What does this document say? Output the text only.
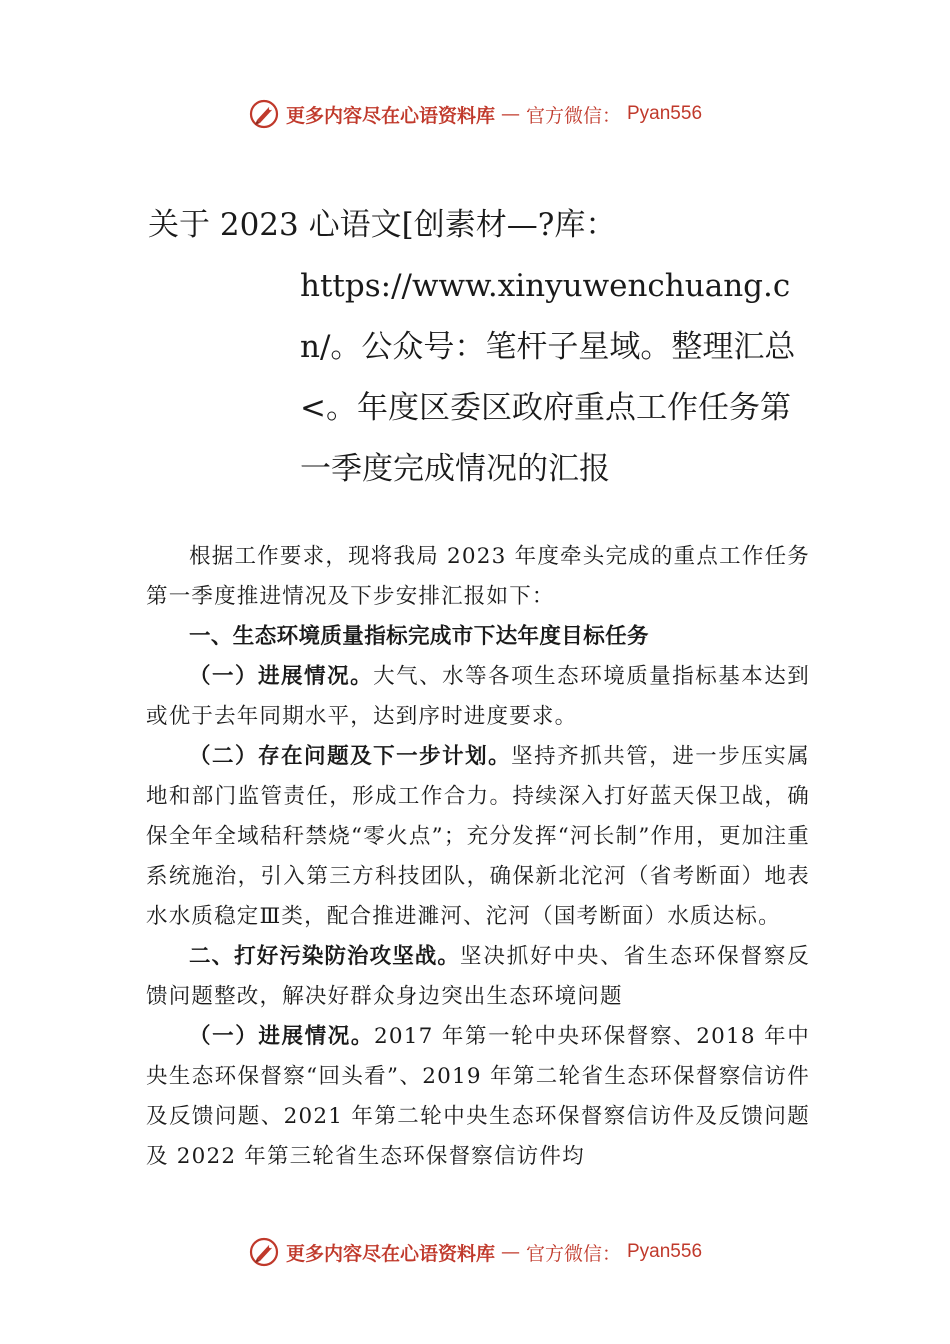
更多内容尽在心语资料库 — 官方微信： Pyan556
关于 2023 心语文[创素材—?库：
https://www.xinyuwenchuang.cn/。公众号：笔杆子星域。整理汇总<。年度区委区政府重点工作任务第一季度完成情况的汇报

根据工作要求，现将我局 2023 年度牵头完成的重点工作任务第一季度推进情况及下步安排汇报如下：

一、生态环境质量指标完成市下达年度目标任务

（一）进展情况。大气、水等各项生态环境质量指标基本达到或优于去年同期水平，达到序时进度要求。

（二）存在问题及下一步计划。坚持齐抓共管，进一步压实属地和部门监管责任，形成工作合力。持续深入打好蓝天保卫战，确保全年全域秸秆禁烧“零火点”；充分发挥“河长制”作用，更加注重系统施治，引入第三方科技团队，确保新北沱河（省考断面）地表水水质稳定Ⅲ类，配合推进濉河、沱河（国考断面）水质达标。

二、打好污染防治攻坚战。坚决抓好中央、省生态环保督察反馈问题整改，解决好群众身边突出生态环境问题

（一）进展情况。2017 年第一轮中央环保督察、2018 年中央生态环保督察“回头看”、2019 年第二轮省生态环保督察信访件及反馈问题、2021 年第二轮中央生态环保督察信访件及反馈问题及 2022 年第三轮省生态环保督察信访件均

更多内容尽在心语资料库 — 官方微信： Pyan556
